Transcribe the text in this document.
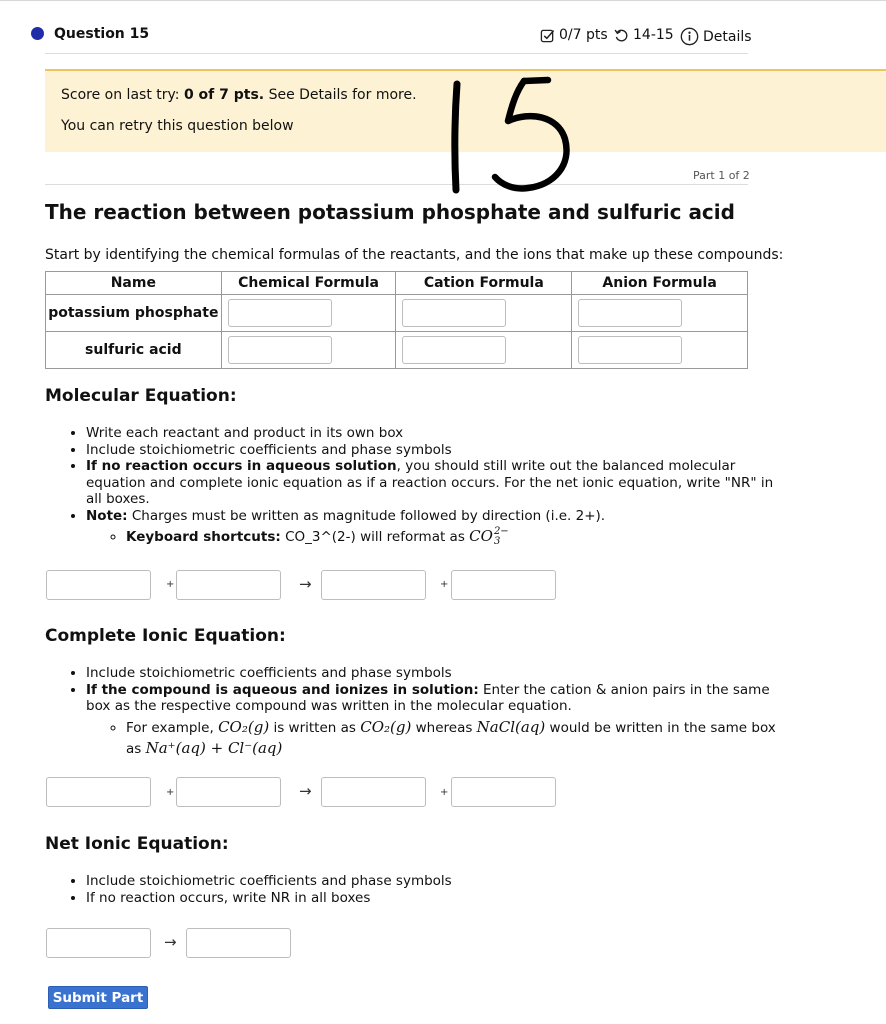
Question 15	0/7 pts 14-15 Details
Score on last try: 0 of 7 pts. See Details for more.
You can retry this question below
Part 1 of 2
The reaction between potassium phosphate and sulfuric acid
Start by identifying the chemical formulas of the reactants, and the ions that make up these compounds:
Name	Chemical Formula	Cation Formula	Anion Formula
potassium phosphate	

sulfuric acid	

Molecular Equation:
• Write each reactant and product in its own box
• Include stoichiometric coefficients and phase symbols
• If no reaction occurs in aqueous solution, you should still write out the balanced molecular equation and complete ionic equation as if a reaction occurs. For the net ionic equation, write "NR" in all boxes.
• Note: Charges must be written as magnitude followed by direction (i.e. 2+).
◦ Keyboard shortcuts: CO_3^(2-) will reformat as CO 2−
3
+	→	+
Complete Ionic Equation:
• Include stoichiometric coefficients and phase symbols
• If the compound is aqueous and ionizes in solution: Enter the cation & anion pairs in the same box as the respective compound was written in the molecular equation.
◦ For example, CO₂(g) is written as CO₂(g) whereas NaCl(aq) would be written in the same box as Na⁺(aq) + Cl⁻(aq)
+	→	+
Net Ionic Equation:
• Include stoichiometric coefficients and phase symbols
• If no reaction occurs, write NR in all boxes
→
Submit Part
